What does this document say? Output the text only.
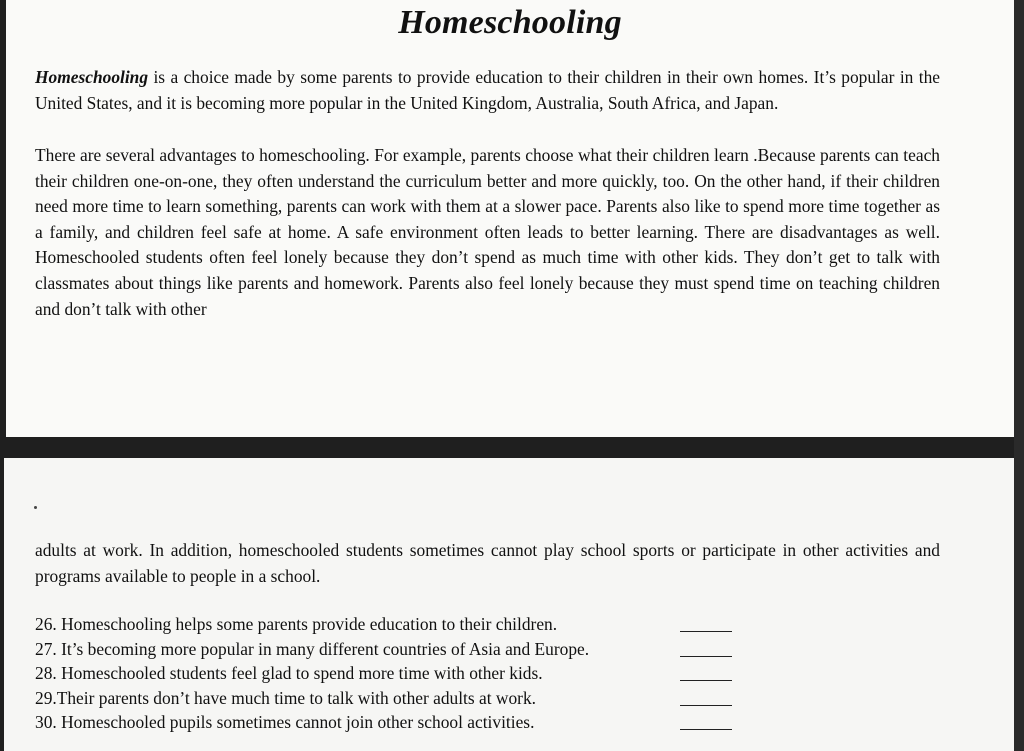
Homeschooling

Homeschooling is a choice made by some parents to provide education to their children in their own homes. It’s popular in the United States, and it is becoming more popular in the United Kingdom, Australia, South Africa, and Japan.

There are several advantages to homeschooling. For example, parents choose what their children learn .Because parents can teach their children one-on-one, they often understand the curriculum better and more quickly, too. On the other hand, if their children need more time to learn something, parents can work with them at a slower pace. Parents also like to spend more time together as a family, and children feel safe at home. A safe environment often leads to better learning. There are disadvantages as well. Homeschooled students often feel lonely because they don’t spend as much time with other kids. They don’t get to talk with classmates about things like parents and homework. Parents also feel lonely because they must spend time on teaching children and don’t talk with other

adults at work. In addition, homeschooled students sometimes cannot play school sports or participate in other activities and programs available to people in a school.

26. Homeschooling helps some parents provide education to their children.
27. It’s becoming more popular in many different countries of Asia and Europe.
28. Homeschooled students feel glad to spend more time with other kids.
29.Their parents don’t have much time to talk with other adults at work.
30. Homeschooled pupils sometimes cannot join other school activities.
